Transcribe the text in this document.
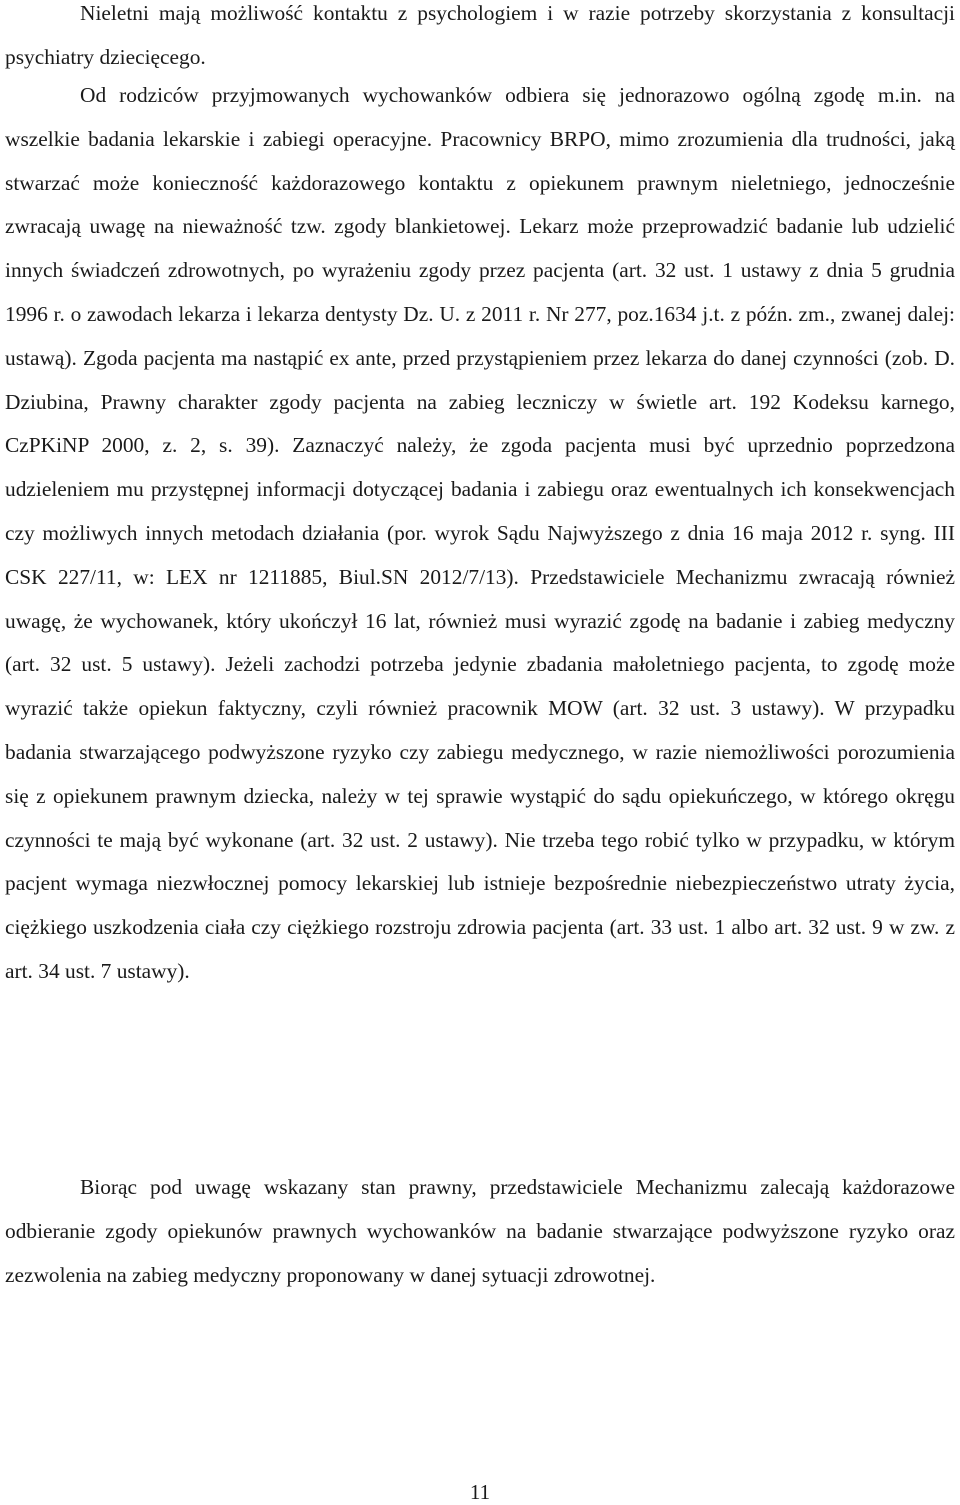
Nieletni mają możliwość kontaktu z psychologiem i w razie potrzeby skorzystania z konsultacji psychiatry dziecięcego.

Od rodziców przyjmowanych wychowanków odbiera się jednorazowo ogólną zgodę m.in. na wszelkie badania lekarskie i zabiegi operacyjne. Pracownicy BRPO, mimo zrozumienia dla trudności, jaką stwarzać może konieczność każdorazowego kontaktu z opiekunem prawnym nieletniego, jednocześnie zwracają uwagę na nieważność tzw. zgody blankietowej. Lekarz może przeprowadzić badanie lub udzielić innych świadczeń zdrowotnych, po wyrażeniu zgody przez pacjenta (art. 32 ust. 1 ustawy z dnia 5 grudnia 1996 r. o zawodach lekarza i lekarza dentysty Dz. U. z 2011 r. Nr 277, poz.1634 j.t. z późn. zm., zwanej dalej: ustawą). Zgoda pacjenta ma nastąpić ex ante, przed przystąpieniem przez lekarza do danej czynności (zob. D. Dziubina, Prawny charakter zgody pacjenta na zabieg leczniczy w świetle art. 192 Kodeksu karnego, CzPKiNP 2000, z. 2, s. 39). Zaznaczyć należy, że zgoda pacjenta musi być uprzednio poprzedzona udzieleniem mu przystępnej informacji dotyczącej badania i zabiegu oraz ewentualnych ich konsekwencjach czy możliwych innych metodach działania (por. wyrok Sądu Najwyższego z dnia 16 maja 2012 r. syng. III CSK 227/11, w: LEX nr 1211885, Biul.SN 2012/7/13). Przedstawiciele Mechanizmu zwracają również uwagę, że wychowanek, który ukończył 16 lat, również musi wyrazić zgodę na badanie i zabieg medyczny (art. 32 ust. 5 ustawy). Jeżeli zachodzi potrzeba jedynie zbadania małoletniego pacjenta, to zgodę może wyrazić także opiekun faktyczny, czyli również pracownik MOW (art. 32 ust. 3 ustawy). W przypadku badania stwarzającego podwyższone ryzyko czy zabiegu medycznego, w razie niemożliwości porozumienia się z opiekunem prawnym dziecka, należy w tej sprawie wystąpić do sądu opiekuńczego, w którego okręgu czynności te mają być wykonane (art. 32 ust. 2 ustawy). Nie trzeba tego robić tylko w przypadku, w którym pacjent wymaga niezwłocznej pomocy lekarskiej lub istnieje bezpośrednie niebezpieczeństwo utraty życia, ciężkiego uszkodzenia ciała czy ciężkiego rozstroju zdrowia pacjenta (art. 33 ust. 1 albo art. 32 ust. 9 w zw. z art. 34 ust. 7 ustawy).

Biorąc pod uwagę wskazany stan prawny, przedstawiciele Mechanizmu zalecają każdorazowe odbieranie zgody opiekunów prawnych wychowanków na badanie stwarzające podwyższone ryzyko oraz zezwolenia na zabieg medyczny proponowany w danej sytuacji zdrowotnej.

11
